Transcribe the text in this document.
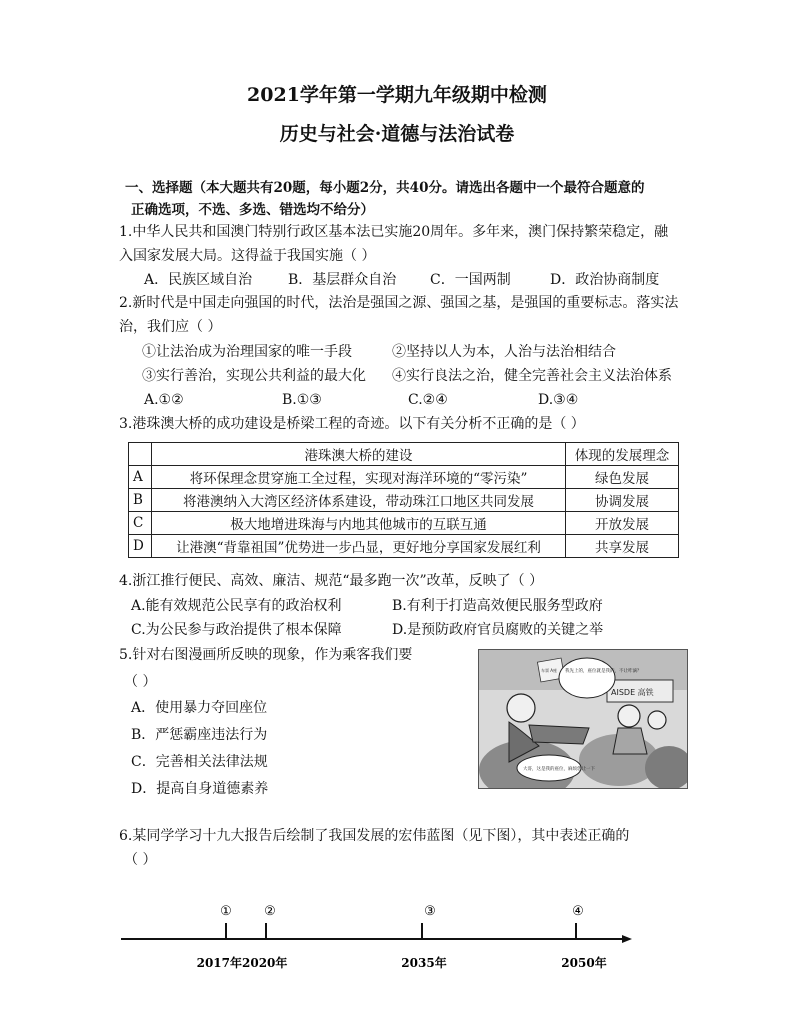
2021学年第一学期九年级期中检测
历史与社会·道德与法治试卷
一、选择题（本大题共有20题，每小题2分，共40分。请选出各题中一个最符合题意的
正确选项，不选、多选、错选均不给分）
1.中华人民共和国澳门特别行政区基本法已实施20周年。多年来，澳门保持繁荣稳定，融
入国家发展大局。这得益于我国实施（ ）
A．民族区域自治	B．基层群众自治 C．一国两制	D．政治协商制度
2.新时代是中国走向强国的时代，法治是强国之源、强国之基，是强国的重要标志。落实法
治，我们应（ ）
①让法治成为治理国家的唯一手段	②坚持以人为本，人治与法治相结合
③实行善治，实现公共利益的最大化 ④实行良法之治，健全完善社会主义法治体系
A.①②	B.①③	C.②④	D.③④
3.港珠澳大桥的成功建设是桥梁工程的奇迹。以下有关分析不正确的是（ ）
	港珠澳大桥的建设	体现的发展理念
A	将环保理念贯穿施工全过程，实现对海洋环境的“零污染”	绿色发展
B	将港澳纳入大湾区经济体系建设，带动珠江口地区共同发展	协调发展
C	极大地增进珠海与内地其他城市的互联互通	开放发展
D	让港澳“背靠祖国”优势进一步凸显，更好地分享国家发展红利	共享发展
4.浙江推行便民、高效、廉洁、规范“最多跑一次”改革，反映了（ ）
A.能有效规范公民享有的政治权利	B.有利于打造高效便民服务型政府
C.为公民参与政治提供了根本保障	D.是预防政府官员腐败的关键之举
5.针对右图漫画所反映的现象，作为乘客我们要
（ ）
A．使用暴力夺回座位
B．严惩霸座违法行为
C．完善相关法律法规
D．提高自身道德素养
AISDE 高铁
我先上的，座位就是我的，不让咋滴？
大哥，这是我的座位，麻烦您让一下
车票 A座
6.某同学学习十九大报告后绘制了我国发展的宏伟蓝图（见下图），其中表述正确的
（ ）
① ②	③	④
2017年2020年	2035年	2050年
